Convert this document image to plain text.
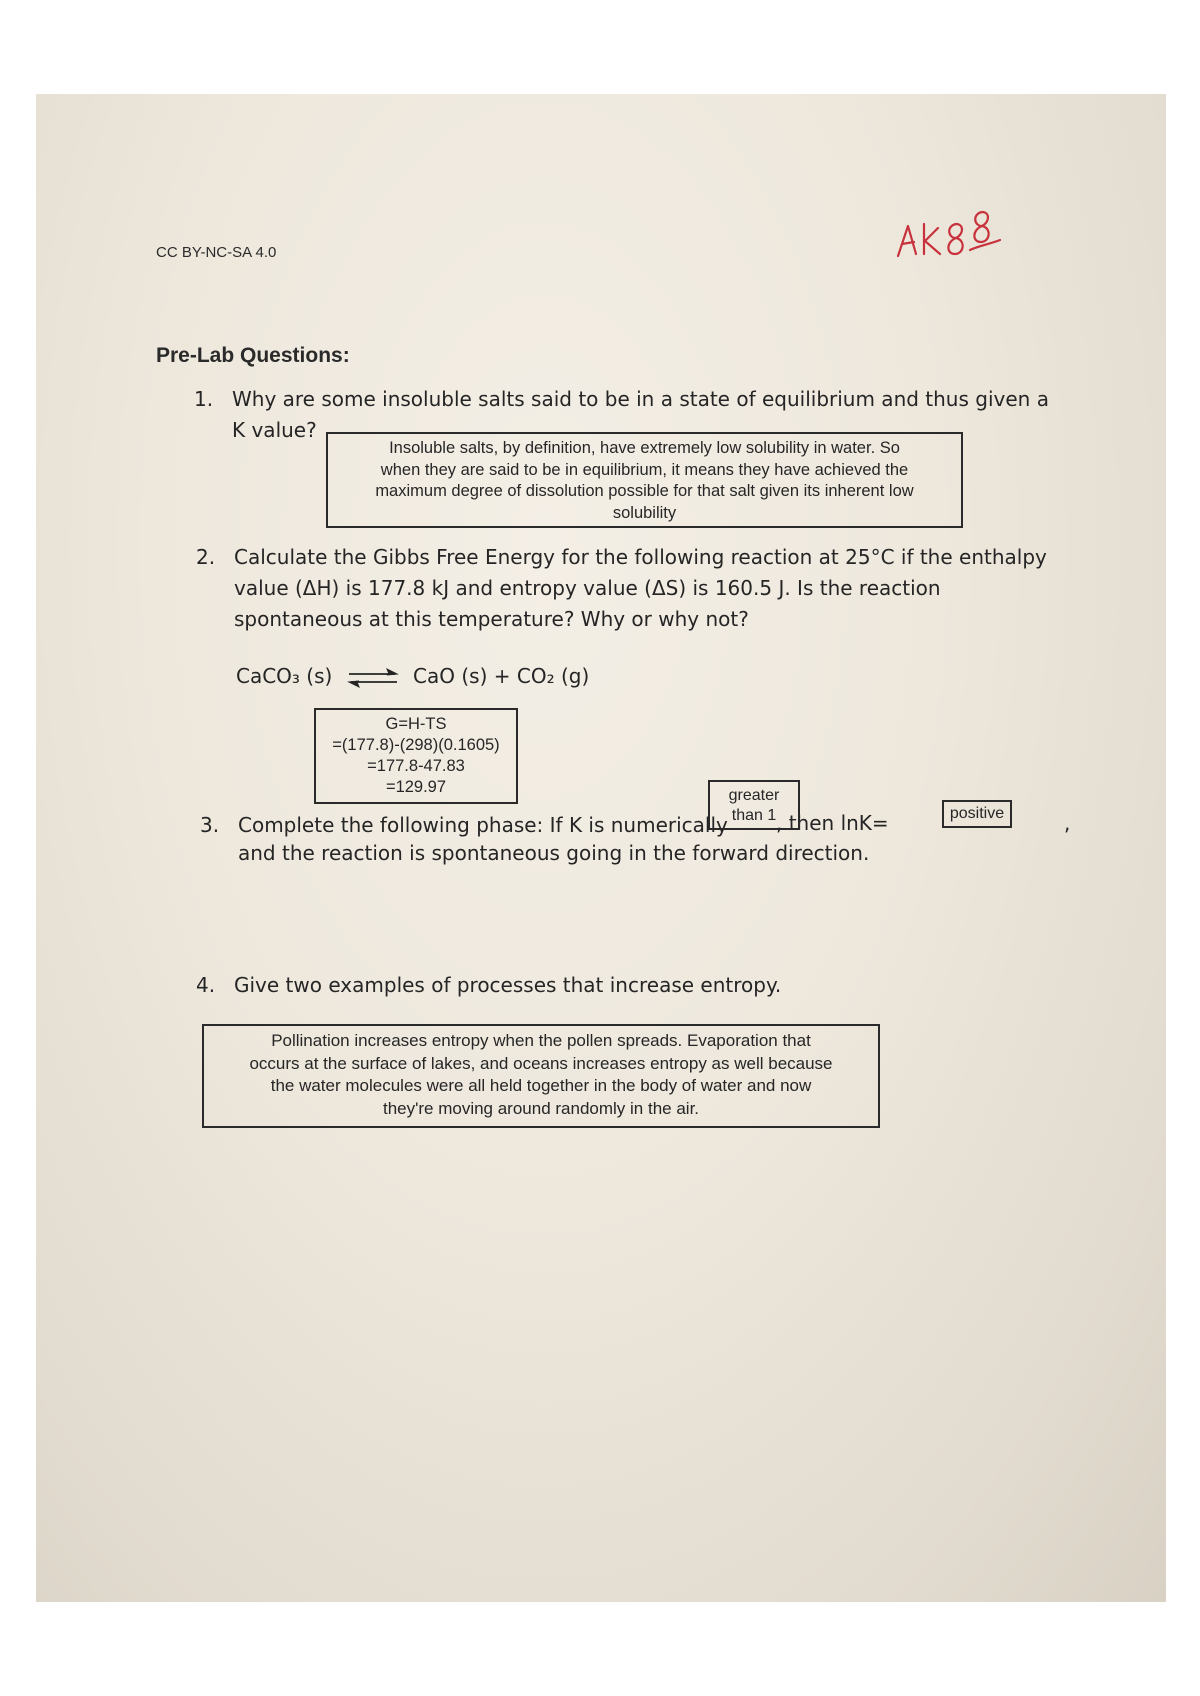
CC BY-NC-SA 4.0
Pre-Lab Questions:
1. Why are some insoluble salts said to be in a state of equilibrium and thus given a
K value?
Insoluble salts, by definition, have extremely low solubility in water. So
when they are said to be in equilibrium, it means they have achieved the
maximum degree of dissolution possible for that salt given its inherent low
solubility
2. Calculate the Gibbs Free Energy for the following reaction at 25°C if the enthalpy
value (ΔH) is 177.8 kJ and entropy value (ΔS) is 160.5 J. Is the reaction
spontaneous at this temperature? Why or why not?
CaCO₃ (s) ⇌ CaO (s) + CO₂ (g)
G=H-TS
=(177.8)-(298)(0.1605)
=177.8-47.83
=129.97
3. Complete the following phase: If K is numerically , then lnK=	,
and the reaction is spontaneous going in the forward direction.
greater
than 1	positive
4. Give two examples of processes that increase entropy.
Pollination increases entropy when the pollen spreads. Evaporation that
occurs at the surface of lakes, and oceans increases entropy as well because
the water molecules were all held together in the body of water and now
they're moving around randomly in the air.
